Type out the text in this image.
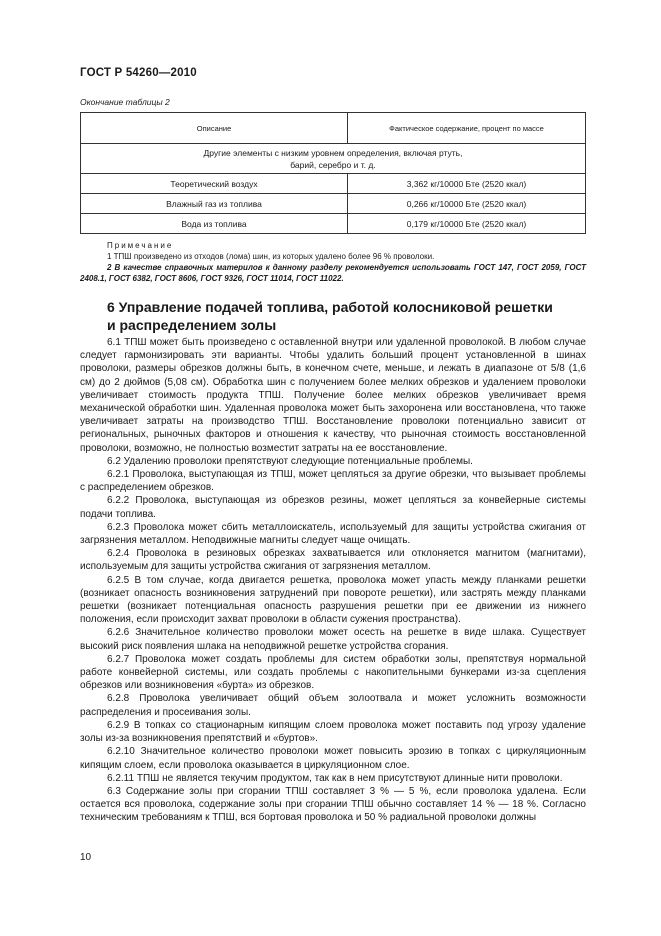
ГОСТ Р 54260—2010
Окончание таблицы 2
Описание	Фактическое содержание, процент по массе
Другие элементы с низким уровнем определения, включая ртуть, барий, серебро и т. д.	
Теоретический воздух	3,362 кг/10000 Бте (2520 ккал)
Влажный газ из топлива	0,266 кг/10000 Бте (2520 ккал)
Вода из топлива	0,179 кг/10000 Бте (2520 ккал)
Примечание
1 ТПШ произведено из отходов (лома) шин, из которых удалено более 96 % проволоки.
2 В качестве справочных материлов к данному разделу рекомендуется использовать ГОСТ 147, ГОСТ 2059, ГОСТ 2408.1, ГОСТ 6382, ГОСТ 8606, ГОСТ 9326, ГОСТ 11014, ГОСТ 11022.
6 Управление подачей топлива, работой колосниковой решетки
и распределением золы

6.1 ТПШ может быть произведено с оставленной внутри или удаленной проволокой. В любом случае следует гармонизировать эти варианты. Чтобы удалить больший процент установленной в шинах проволоки, размеры обрезков должны быть, в конечном счете, меньше, и лежать в диапазоне от 5/8 (1,6 см) до 2 дюймов (5,08 см). Обработка шин с получением более мелких обрезков и удалением проволоки увеличивает стоимость продукта ТПШ. Получение более мелких обрезков увеличивает время механической обработки шин. Удаленная проволока может быть захоронена или восстановлена, что также увеличивает затраты на производство ТПШ. Восстановление проволоки потенциально зависит от региональных, рыночных факторов и отношения к качеству, что рыночная стоимость восстановленной проволоки, возможно, не полностью возместит затраты на ее восстановление.

6.2 Удалению проволоки препятствуют следующие потенциальные проблемы.

6.2.1 Проволока, выступающая из ТПШ, может цепляться за другие обрезки, что вызывает проблемы с распределением обрезков.

6.2.2 Проволока, выступающая из обрезков резины, может цепляться за конвейерные системы подачи топлива.

6.2.3 Проволока может сбить металлоискатель, используемый для защиты устройства сжигания от загрязнения металлом. Неподвижные магниты следует чаще очищать.

6.2.4 Проволока в резиновых обрезках захватывается или отклоняется магнитом (магнитами), используемым для защиты устройства сжигания от загрязнения металлом.

6.2.5 В том случае, когда двигается решетка, проволока может упасть между планками решетки (возникает опасность возникновения затруднений при повороте решетки), или застрять между планками решетки (возникает потенциальная опасность разрушения решетки при ее движении из нижнего положения, если происходит захват проволоки в области сужения пространства).

6.2.6 Значительное количество проволоки может осесть на решетке в виде шлака. Существует высокий риск появления шлака на неподвижной решетке устройства сгорания.

6.2.7 Проволока может создать проблемы для систем обработки золы, препятствуя нормальной работе конвейерной системы, или создать проблемы с накопительными бункерами из-за сцепления обрезков или возникновения «бурта» из обрезков.

6.2.8 Проволока увеличивает общий объем золоотвала и может усложнить возможности распределения и просеивания золы.

6.2.9 В топках со стационарным кипящим слоем проволока может поставить под угрозу удаление золы из-за возникновения препятствий и «буртов».

6.2.10 Значительное количество проволоки может повысить эрозию в топках с циркуляционным кипящим слоем, если проволока оказывается в циркуляционном слое.

6.2.11 ТПШ не является текучим продуктом, так как в нем присутствуют длинные нити проволоки.

6.3 Содержание золы при сгорании ТПШ составляет 3 % — 5 %, если проволока удалена. Если остается вся проволока, содержание золы при сгорании ТПШ обычно составляет 14 % — 18 %. Согласно техническим требованиям к ТПШ, вся бортовая проволока и 50 % радиальной проволоки должны

10
